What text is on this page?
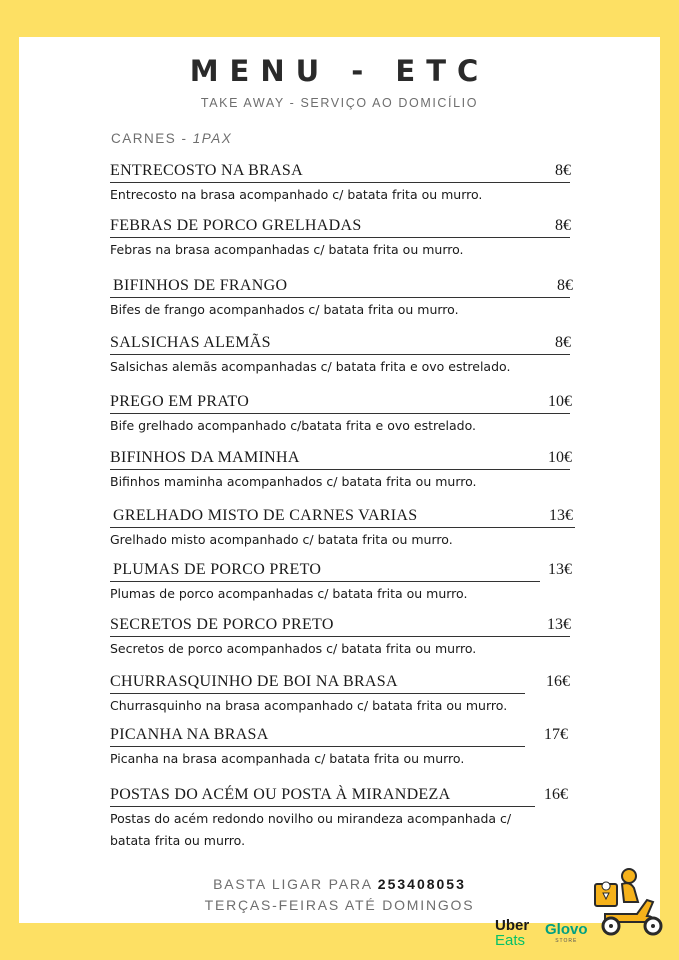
MENU - ETC
TAKE AWAY - SERVIÇO AO DOMICÍLIO
CARNES - 1PAX
ENTRECOSTO NA BRASA	8€
Entrecosto na brasa acompanhado c/ batata frita ou murro.
FEBRAS DE PORCO GRELHADAS	8€
Febras na brasa acompanhadas c/ batata frita ou murro.
BIFINHOS DE FRANGO	8€
Bifes de frango acompanhados c/ batata frita ou murro.
SALSICHAS ALEMÃS	8€
Salsichas alemãs acompanhadas c/ batata frita e ovo estrelado.
PREGO EM PRATO	10€
Bife grelhado acompanhado c/batata frita e ovo estrelado.
BIFINHOS DA MAMINHA	10€
Bifinhos maminha acompanhados c/ batata frita ou murro.
GRELHADO MISTO DE CARNES VARIAS	13€
Grelhado misto acompanhado c/ batata frita ou murro.
PLUMAS DE PORCO PRETO	13€
Plumas de porco acompanhadas c/ batata frita ou murro.
SECRETOS DE PORCO PRETO	13€
Secretos de porco acompanhados c/ batata frita ou murro.
CHURRASQUINHO DE BOI NA BRASA	16€
Churrasquinho na brasa acompanhado c/ batata frita ou murro.
PICANHA NA BRASA	17€
Picanha na brasa acompanhada c/ batata frita ou murro.
POSTAS DO ACÉM OU POSTA À MIRANDEZA	16€
Postas do acém redondo novilho ou mirandeza acompanhada c/
batata frita ou murro.
BASTA LIGAR PARA 253408053
TERÇAS-FEIRAS ATÉ DOMINGOS
Uber
Eats
Glovo
STORE
